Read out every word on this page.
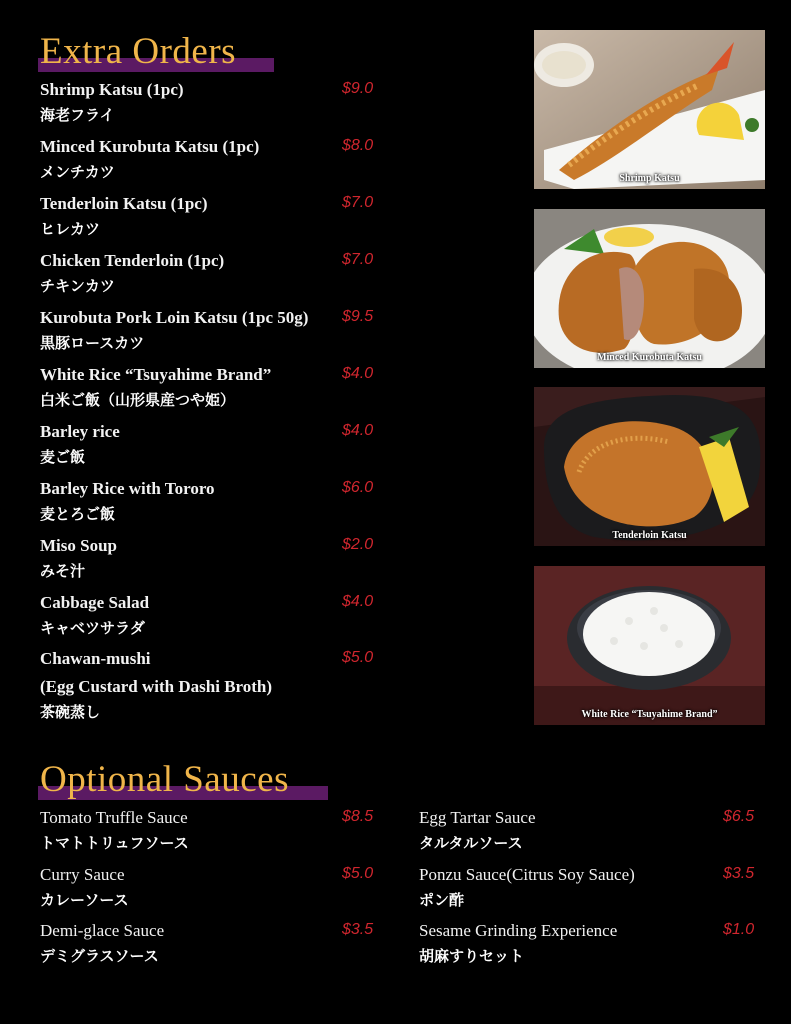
Extra Orders
Shrimp Katsu (1pc)
海老フライ
$9.0
Minced Kurobuta Katsu (1pc)
メンチカツ
$8.0
Tenderloin Katsu (1pc)
ヒレカツ
$7.0
Chicken Tenderloin (1pc)
チキンカツ
$7.0
Kurobuta Pork Loin Katsu (1pc 50g)
黒豚ロースカツ
$9.5
White Rice “Tsuyahime Brand”
白米ご飯（山形県産つや姫）
$4.0
Barley rice
麦ご飯
$4.0
Barley Rice with Tororo
麦とろご飯
$6.0
Miso Soup
みそ汁
$2.0
Cabbage Salad
キャベツサラダ
$4.0
Chawan-mushi
(Egg Custard with Dashi Broth)
茶碗蒸し
$5.0
Shrimp Katsu
Minced Kurobuta Katsu
Tenderloin Katsu
White Rice “Tsuyahime Brand”
Optional Sauces
Tomato Truffle Sauce
トマトトリュフソース
$8.5
Curry Sauce
カレーソース
$5.0
Demi-glace Sauce
デミグラスソース
$3.5
Egg Tartar Sauce
タルタルソース
$6.5
Ponzu Sauce(Citrus Soy Sauce)
ポン酢
$3.5
Sesame Grinding Experience
胡麻すりセット
$1.0
